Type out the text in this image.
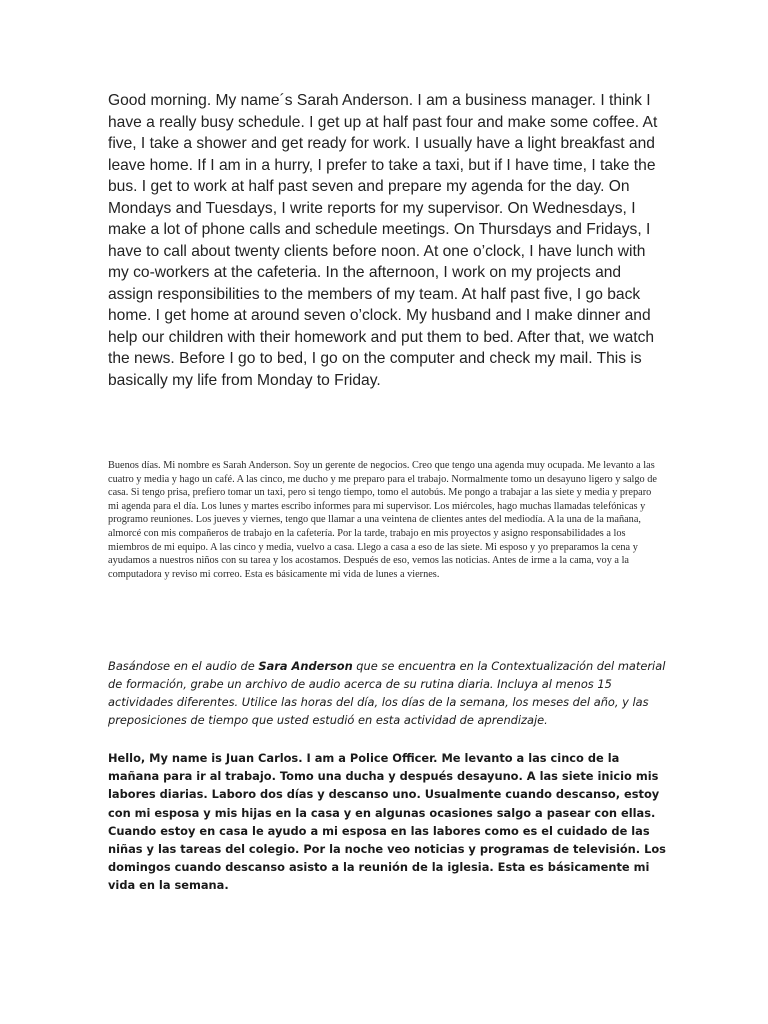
Good morning. My name´s Sarah Anderson. I am a business manager. I think I have a really busy schedule. I get up at half past four and make some coffee. At five, I take a shower and get ready for work. I usually have a light breakfast and leave home. If I am in a hurry, I prefer to take a taxi, but if I have time, I take the bus. I get to work at half past seven and prepare my agenda for the day. On Mondays and Tuesdays, I write reports for my supervisor. On Wednesdays, I make a lot of phone calls and schedule meetings. On Thursdays and Fridays, I have to call about twenty clients before noon. At one o’clock, I have lunch with my co-workers at the cafeteria. In the afternoon, I work on my projects and assign responsibilities to the members of my team. At half past five, I go back home. I get home at around seven o’clock. My husband and I make dinner and help our children with their homework and put them to bed. After that, we watch the news. Before I go to bed, I go on the computer and check my mail. This is basically my life from Monday to Friday.

Buenos días. Mi nombre es Sarah Anderson. Soy un gerente de negocios. Creo que tengo una agenda muy ocupada. Me levanto a las cuatro y media y hago un café. A las cinco, me ducho y me preparo para el trabajo. Normalmente tomo un desayuno ligero y salgo de casa. Si tengo prisa, prefiero tomar un taxi, pero si tengo tiempo, tomo el autobús. Me pongo a trabajar a las siete y media y preparo mi agenda para el día. Los lunes y martes escribo informes para mi supervisor. Los miércoles, hago muchas llamadas telefónicas y programo reuniones. Los jueves y viernes, tengo que llamar a una veintena de clientes antes del mediodía. A la una de la mañana, almorcé con mis compañeros de trabajo en la cafetería. Por la tarde, trabajo en mis proyectos y asigno responsabilidades a los miembros de mi equipo. A las cinco y media, vuelvo a casa. Llego a casa a eso de las siete. Mi esposo y yo preparamos la cena y ayudamos a nuestros niños con su tarea y los acostamos. Después de eso, vemos las noticias. Antes de irme a la cama, voy a la computadora y reviso mi correo. Esta es básicamente mi vida de lunes a viernes.

Basándose en el audio de Sara Anderson que se encuentra en la Contextualización del material de formación, grabe un archivo de audio acerca de su rutina diaria. Incluya al menos 15 actividades diferentes. Utilice las horas del día, los días de la semana, los meses del año, y las preposiciones de tiempo que usted estudió en esta actividad de aprendizaje.

Hello, My name is Juan Carlos. I am a Police Officer. Me levanto a las cinco de la mañana para ir al trabajo. Tomo una ducha y después desayuno. A las siete inicio mis labores diarias. Laboro dos días y descanso uno. Usualmente cuando descanso, estoy con mi esposa y mis hijas en la casa y en algunas ocasiones salgo a pasear con ellas. Cuando estoy en casa le ayudo a mi esposa en las labores como es el cuidado de las niñas y las tareas del colegio. Por la noche veo noticias y programas de televisión. Los domingos cuando descanso asisto a la reunión de la iglesia. Esta es básicamente mi vida en la semana.
